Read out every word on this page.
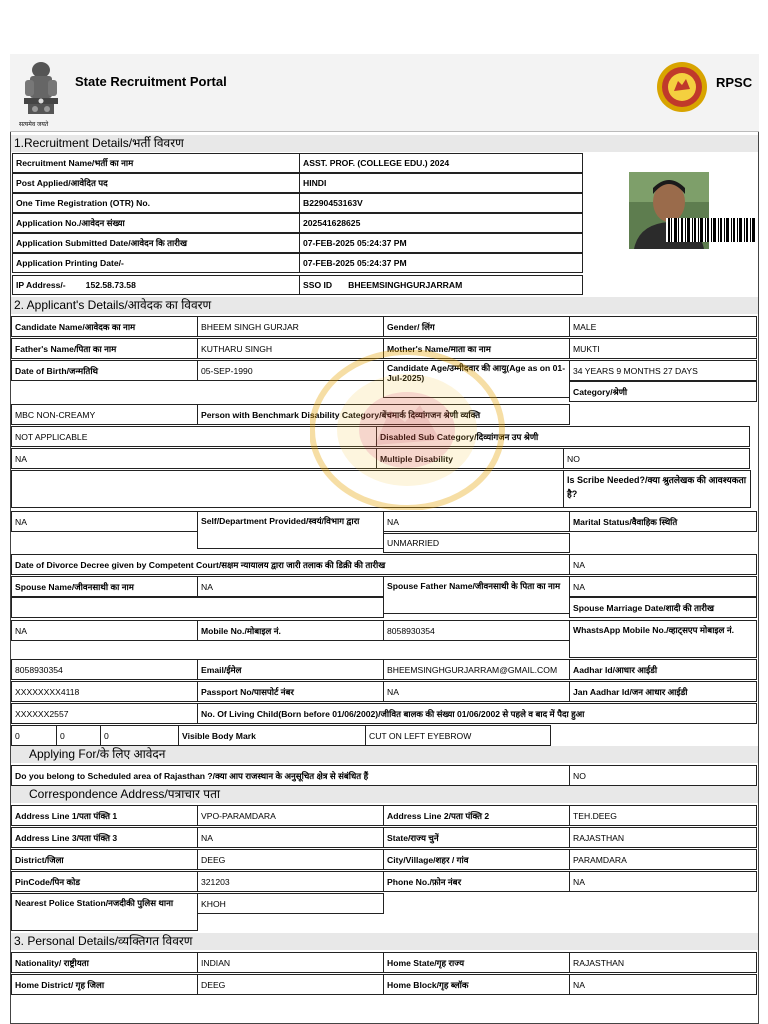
सत्यमेव जयते
State Recruitment Portal	RPSC
1.Recruitment Details/भर्ती विवरण
Recruitment Name/भर्ती का नाम	ASST. PROF. (COLLEGE EDU.) 2024
Post Applied/आवेदित पद	HINDI
One Time Registration (OTR) No.	B2290453163V
Application No./आवेदन संख्या	202541628625
Application Submitted Date/आवेदन कि तारीख	07-FEB-2025 05:24:37 PM
Application Printing Date/-	07-FEB-2025 05:24:37 PM
IP Address/- 152.58.73.58	SSO ID BHEEMSINGHGURJARRAM
2. Applicant's Details/आवेदक का विवरण
Candidate Name/आवेदक का नाम	BHEEM SINGH GURJAR	Gender/ लिंग	MALE
Father's Name/पिता का नाम	KUTHARU SINGH	Mother's Name/माता का नाम	MUKTI
Date of Birth/जन्मतिथि	05-SEP-1990	Candidate Age/उम्मीदवार की आयु(Age as on 01-Jul-2025)
34 YEARS 9 MONTHS 27 DAYS
Category/श्रेणी
MBC NON-CREAMY	Person with Benchmark Disability Category/बेंचमार्क दिव्यांगजन श्रेणी व्यक्ति
NOT APPLICABLE	Disabled Sub Category/दिव्यांगजन उप श्रेणी
NA	Multiple Disability	NO
Is Scribe Needed?/क्या श्रुतलेखक की आवश्यकता है?
NA	Self/Department Provided/स्वयं/विभाग द्वारा	NA	Marital Status/वैवाहिक स्थिति
UNMARRIED
Date of Divorce Decree given by Competent Court/सक्षम न्यायालय द्वारा जारी तलाक की डिक्री की तारीख	NA
Spouse Name/जीवनसाथी का नाम	NA	Spouse Father Name/जीवनसाथी के पिता का नाम	NA
Spouse Marriage Date/शादी की तारीख
NA	Mobile No./मोबाइल नं.	8058930354	WhastsApp Mobile No./व्हाट्सएप मोबाइल नं.
8058930354	Email/ईमेल	BHEEMSINGHGURJARRAM@GMAIL.COM	Aadhar Id/आधार आईडी
XXXXXXXX4118	Passport No/पासपोर्ट नंबर	NA	Jan Aadhar Id/जन आधार आईडी
XXXXXX2557	No. Of Living Child(Born before 01/06/2002)/जीवित बालक की संख्या 01/06/2002 से पहले व बाद में पैदा हुआ
0	0	0	Visible Body Mark	CUT ON LEFT EYEBROW
Applying For/के लिए आवेदन
Do you belong to Scheduled area of Rajasthan ?/क्या आप राजस्थान के अनुसूचित क्षेत्र से संबंधित हैं	NO
Correspondence Address/पत्राचार पता
Address Line 1/पता पंक्ति 1	VPO-PARAMDARA	Address Line 2/पता पंक्ति 2	TEH.DEEG
Address Line 3/पता पंक्ति 3	NA	State/राज्य चुनें	RAJASTHAN
District/जिला	DEEG	City/Village/शहर / गांव	PARAMDARA
PinCode/पिन कोड	321203	Phone No./फ़ोन नंबर	NA
Nearest Police Station/नजदीकी पुलिस थाना	KHOH
3. Personal Details/व्यक्तिगत विवरण
Nationality/ राष्ट्रीयता	INDIAN	Home State/गृह राज्य	RAJASTHAN
Home District/ गृह जिला	DEEG	Home Block/गृह ब्लॉक	NA
